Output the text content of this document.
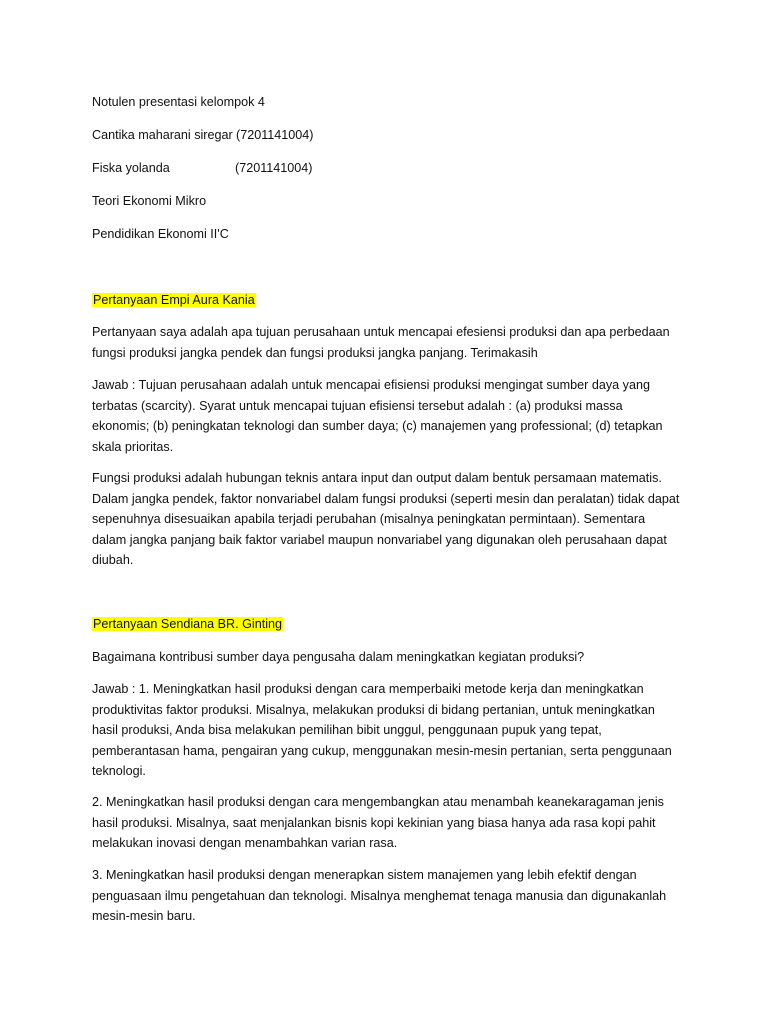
Notulen presentasi kelompok 4
Cantika maharani siregar (7201141004)
Fiska yolanda	(7201141004)
Teori Ekonomi Mikro
Pendidikan Ekonomi II'C
Pertanyaan Empi Aura Kania

Pertanyaan saya adalah apa tujuan perusahaan untuk mencapai efesiensi produksi dan apa perbedaan fungsi produksi jangka pendek dan fungsi produksi jangka panjang. Terimakasih

Jawab : Tujuan perusahaan adalah untuk mencapai efisiensi produksi mengingat sumber daya yang terbatas (scarcity). Syarat untuk mencapai tujuan efisiensi tersebut adalah : (a) produksi massa ekonomis; (b) peningkatan teknologi dan sumber daya; (c) manajemen yang professional; (d) tetapkan skala prioritas.

Fungsi produksi adalah hubungan teknis antara input dan output dalam bentuk persamaan matematis. Dalam jangka pendek, faktor nonvariabel dalam fungsi produksi (seperti mesin dan peralatan) tidak dapat sepenuhnya disesuaikan apabila terjadi perubahan (misalnya peningkatan permintaan). Sementara dalam jangka panjang baik faktor variabel maupun nonvariabel yang digunakan oleh perusahaan dapat diubah.

Pertanyaan Sendiana BR. Ginting

Bagaimana kontribusi sumber daya pengusaha dalam meningkatkan kegiatan produksi?

Jawab : 1. Meningkatkan hasil produksi dengan cara memperbaiki metode kerja dan meningkatkan produktivitas faktor produksi. Misalnya, melakukan produksi di bidang pertanian, untuk meningkatkan hasil produksi, Anda bisa melakukan pemilihan bibit unggul, penggunaan pupuk yang tepat, pemberantasan hama, pengairan yang cukup, menggunakan mesin-mesin pertanian, serta penggunaan teknologi.

2. Meningkatkan hasil produksi dengan cara mengembangkan atau menambah keanekaragaman jenis hasil produksi. Misalnya, saat menjalankan bisnis kopi kekinian yang biasa hanya ada rasa kopi pahit melakukan inovasi dengan menambahkan varian rasa.

3. Meningkatkan hasil produksi dengan menerapkan sistem manajemen yang lebih efektif dengan penguasaan ilmu pengetahuan dan teknologi. Misalnya menghemat tenaga manusia dan digunakanlah mesin-mesin baru.
